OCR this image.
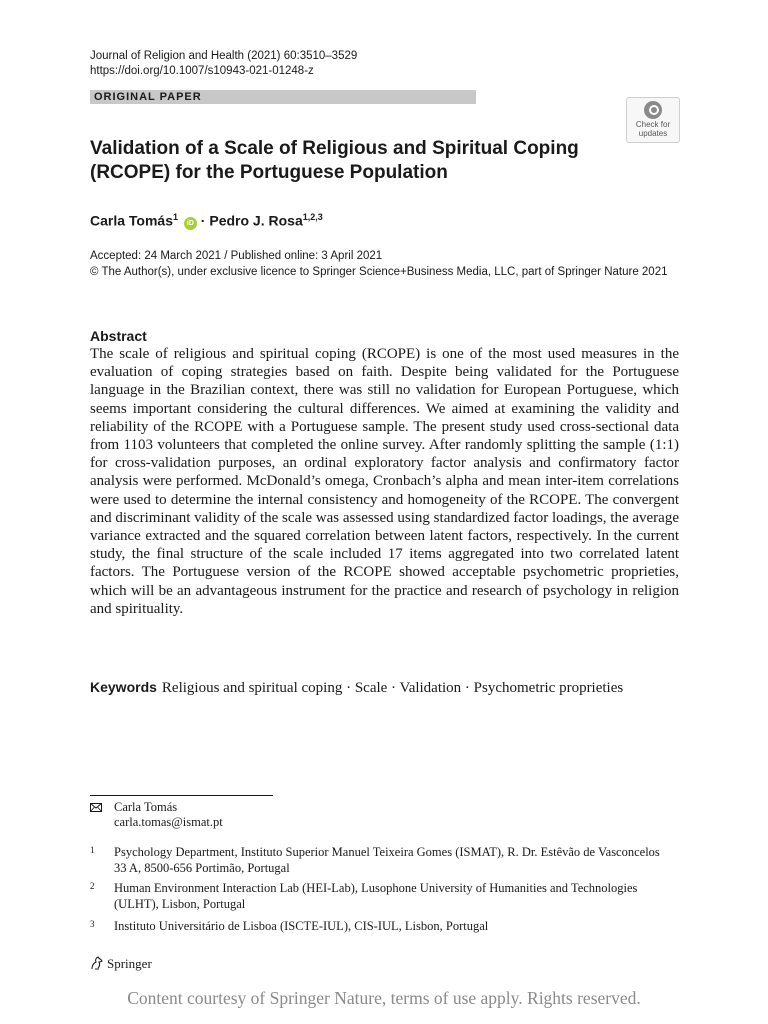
Journal of Religion and Health (2021) 60:3510–3529
https://doi.org/10.1007/s10943-021-01248-z
ORIGINAL PAPER
Check for
updates
Validation of a Scale of Religious and Spiritual Coping (RCOPE) for the Portuguese Population
Carla Tomás$^1$ iD · Pedro J. Rosa$^{1,2,3}$
Accepted: 24 March 2021 / Published online: 3 April 2021
© The Author(s), under exclusive licence to Springer Science+Business Media, LLC, part of Springer Nature 2021
Abstract
The scale of religious and spiritual coping (RCOPE) is one of the most used measures in the evaluation of coping strategies based on faith. Despite being validated for the Portuguese language in the Brazilian context, there was still no validation for European Portuguese, which seems important considering the cultural differences. We aimed at examining the validity and reliability of the RCOPE with a Portuguese sample. The present study used cross-sectional data from 1103 volunteers that completed the online survey. After randomly splitting the sample (1:1) for cross-validation purposes, an ordinal exploratory factor analysis and confirmatory factor analysis were performed. McDonald’s omega, Cronbach’s alpha and mean inter-item correlations were used to determine the internal consistency and homogeneity of the RCOPE. The convergent and discriminant validity of the scale was assessed using standardized factor loadings, the average variance extracted and the squared correlation between latent factors, respectively. In the current study, the final structure of the scale included 17 items aggregated into two correlated latent factors. The Portuguese version of the RCOPE showed acceptable psychometric proprieties, which will be an advantageous instrument for the practice and research of psychology in religion and spirituality.
Keywords Religious and spiritual coping · Scale · Validation · Psychometric proprieties
Carla Tomás
carla.tomas@ismat.pt
1 Psychology Department, Instituto Superior Manuel Teixeira Gomes (ISMAT), R. Dr. Estêvão de Vasconcelos 33 A, 8500-656 Portimão, Portugal
2 Human Environment Interaction Lab (HEI-Lab), Lusophone University of Humanities and Technologies (ULHT), Lisbon, Portugal
3 Instituto Universitário de Lisboa (ISCTE-IUL), CIS-IUL, Lisbon, Portugal
Springer
Content courtesy of Springer Nature, terms of use apply. Rights reserved.
